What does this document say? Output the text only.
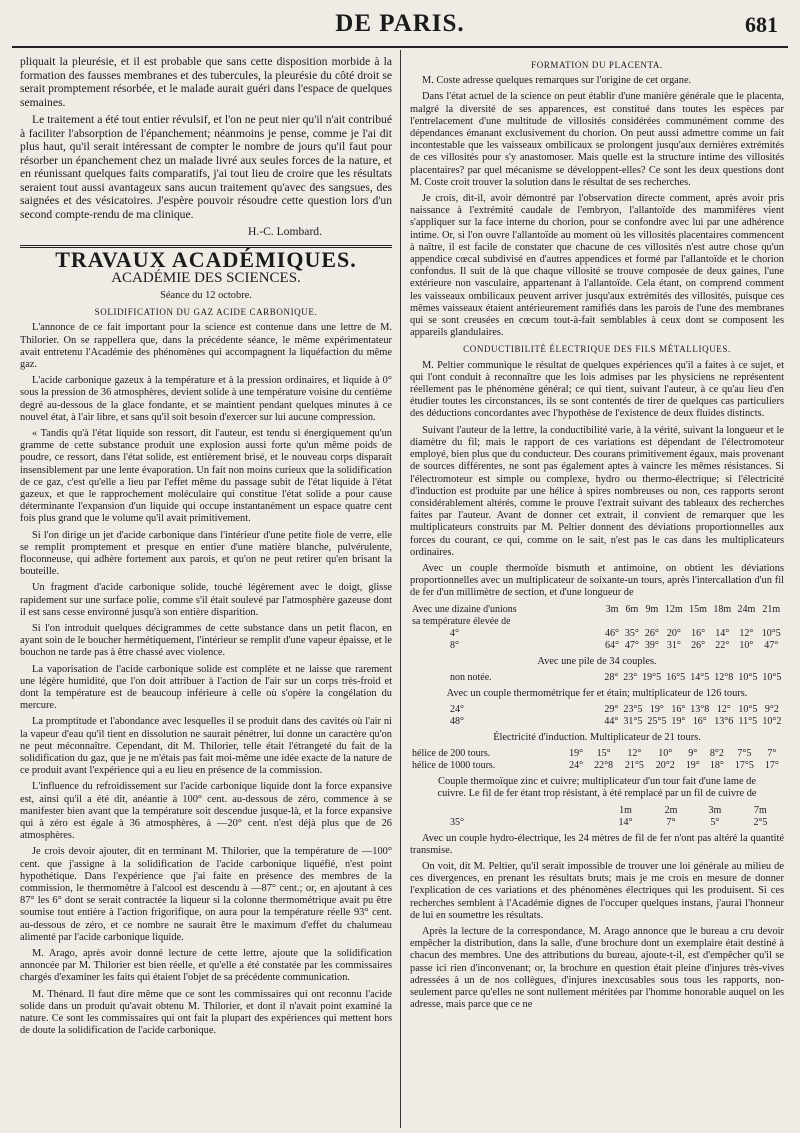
DE PARIS.	681

pliquait la pleurésie, et il est probable que sans cette disposition morbide à la formation des fausses membranes et des tubercules, la pleurésie du côté droit se serait promptement résorbée, et le malade aurait guéri dans l'espace de quelques semaines.

Le traitement a été tout entier révulsif, et l'on ne peut nier qu'il n'ait contribué à faciliter l'absorption de l'épanchement; néanmoins je pense, comme je l'ai dit plus haut, qu'il serait intéressant de compter le nombre de jours qu'il faut pour résorber un épanchement chez un malade livré aux seules forces de la nature, et en réunissant quelques faits comparatifs, j'ai tout lieu de croire que les résultats seraient tout aussi avantageux sans aucun traitement qu'avec des sangsues, des saignées et des vésicatoires. J'espère pouvoir résoudre cette question lors d'un second compte-rendu de ma clinique.

H.-C. Lombard.

TRAVAUX ACADÉMIQUES.
ACADÉMIE DES SCIENCES.

Séance du 12 octobre.

SOLIDIFICATION DU GAZ ACIDE CARBONIQUE.

L'annonce de ce fait important pour la science est contenue dans une lettre de M. Thilorier. On se rappellera que, dans la précédente séance, le même expérimentateur avait entretenu l'Académie des phénomènes qui accompagnent la liquéfaction du même gaz.

L'acide carbonique gazeux à la température et à la pression ordinaires, et liquide à 0° sous la pression de 36 atmosphères, devient solide à une température voisine du centième degré au-dessous de la glace fondante, et se maintient pendant quelques minutes à ce nouvel état, à l'air libre, et sans qu'il soit besoin d'exercer sur lui aucune compression.

« Tandis qu'à l'état liquide son ressort, dit l'auteur, est tendu si énergiquement qu'un gramme de cette substance produit une explosion aussi forte qu'un même poids de poudre, ce ressort, dans l'état solide, est entièrement brisé, et le nouveau corps disparaît insensiblement par une lente évaporation. Un fait non moins curieux que la solidification de ce gaz, c'est qu'elle a lieu par l'effet même du passage subit de l'état liquide à l'état gazeux, et que le rapprochement moléculaire qui constitue l'état solide a pour cause déterminante l'expansion d'un liquide qui occupe instantanément un espace quatre cent fois plus grand que le volume qu'il avait primitivement.

Si l'on dirige un jet d'acide carbonique dans l'intérieur d'une petite fiole de verre, elle se remplit promptement et presque en entier d'une matière blanche, pulvérulente, floconneuse, qui adhère fortement aux parois, et qu'on ne peut retirer qu'en brisant la bouteille.

Un fragment d'acide carbonique solide, touché légèrement avec le doigt, glisse rapidement sur une surface polie, comme s'il était soulevé par l'atmosphère gazeuse dont il est sans cesse environné jusqu'à son entière disparition.

Si l'on introduit quelques décigrammes de cette substance dans un petit flacon, en ayant soin de le boucher hermétiquement, l'intérieur se remplit d'une vapeur épaisse, et le bouchon ne tarde pas à être chassé avec violence.

La vaporisation de l'acide carbonique solide est complète et ne laisse que rarement une légère humidité, que l'on doit attribuer à l'action de l'air sur un corps très-froid et dont la température est de beaucoup inférieure à celle où s'opère la congélation du mercure.

La promptitude et l'abondance avec lesquelles il se produit dans des cavités où l'air ni la vapeur d'eau qu'il tient en dissolution ne saurait pénétrer, lui donne un caractère qu'on ne peut méconnaître. Cependant, dit M. Thilorier, telle était l'étrangeté du fait de la solidification du gaz, que je ne m'étais pas fait moi-même une idée exacte de la nature de ce produit avant l'expérience qui a eu lieu en présence de la commission.

L'influence du refroidissement sur l'acide carbonique liquide dont la force expansive est, ainsi qu'il a été dit, anéantie à 100° cent. au-dessous de zéro, commence à se manifester bien avant que la température soit descendue jusque-là, et la force expansive qui à zéro est égale à 36 atmosphères, à —20° cent. n'est déjà plus que de 26 atmosphères.

Je crois devoir ajouter, dit en terminant M. Thilorier, que la température de —100° cent. que j'assigne à la solidification de l'acide carbonique liquéfié, n'est point hypothétique. Dans l'expérience que j'ai faite en présence des membres de la commission, le thermomètre à l'alcool est descendu à —87° cent.; or, en ajoutant à ces 87° les 6° dont se serait contractée la liqueur si la colonne thermométrique avait pu être soumise tout entière à l'action frigorifique, on aura pour la température réelle 93° cent. au-dessous de zéro, et ce nombre ne saurait être le maximum d'effet du chalumeau alimenté par l'acide carbonique liquide.

M. Arago, après avoir donné lecture de cette lettre, ajoute que la solidification annoncée par M. Thilorier est bien réelle, et qu'elle a été constatée par les commissaires chargés d'examiner les faits qui étaient l'objet de sa précédente communication.

M. Thénard. Il faut dire même que ce sont les commissaires qui ont reconnu l'acide solide dans un produit qu'avait obtenu M. Thilorier, et dont il n'avait point examiné la nature. Ce sont les commissaires qui ont fait la plupart des expériences qui mettent hors de doute la solidification de l'acide carbonique.

FORMATION DU PLACENTA.

M. Coste adresse quelques remarques sur l'origine de cet organe.

Dans l'état actuel de la science on peut établir d'une manière générale que le placenta, malgré la diversité de ses apparences, est constitué dans toutes les espèces par l'entrelacement d'une multitude de villosités considérées communément comme des dépendances émanant exclusivement du chorion. On peut aussi admettre comme un fait incontestable que les vaisseaux ombilicaux se prolongent jusqu'aux dernières extrémités de ces villosités pour s'y anastomoser. Mais quelle est la structure intime des villosités placentaires? par quel mécanisme se développent-elles? Ce sont les deux questions dont M. Coste croit trouver la solution dans le résultat de ses recherches.

Je crois, dit-il, avoir démontré par l'observation directe comment, après avoir pris naissance à l'extrémité caudale de l'embryon, l'allantoïde des mammifères vient s'appliquer sur la face interne du chorion, pour se confondre avec lui par une adhérence intime. Or, si l'on ouvre l'allantoïde au moment où les villosités placentaires commencent à naître, il est facile de constater que chacune de ces villosités n'est autre chose qu'un appendice cœcal subdivisé en d'autres appendices et formé par l'allantoïde et le chorion confondus. Il suit de là que chaque villosité se trouve composée de deux gaines, l'une extérieure non vasculaire, appartenant à l'allantoïde. Cela étant, on comprend comment les vaisseaux ombilicaux peuvent arriver jusqu'aux extrémités des villosités, puisque ces mêmes vaisseaux étaient antérieurement ramifiés dans les parois de l'une des membranes qui se sont creusées en cœcum tout-à-fait semblables à ceux dont se composent les appareils glandulaires.

CONDUCTIBILITÉ ÉLECTRIQUE DES FILS MÉTALLIQUES.

M. Peltier communique le résultat de quelques expériences qu'il a faites à ce sujet, et qui l'ont conduit à reconnaître que les lois admises par les physiciens ne représentent réellement pas le phénomène général; ce qui tient, suivant l'auteur, à ce qu'au lieu d'en étudier toutes les circonstances, ils se sont contentés de tirer de quelques cas particuliers des déductions concordantes avec l'hypothèse de l'existence de deux fluides distincts.

Suivant l'auteur de la lettre, la conductibilité varie, à la vérité, suivant la longueur et le diamètre du fil; mais le rapport de ces variations est dépendant de l'électromoteur employé, bien plus que du conducteur. Des courans primitivement égaux, mais provenant de sources différentes, ne sont pas également aptes à vaincre les mêmes résistances. Si l'électromoteur est simple ou complexe, hydro ou thermo-électrique; si l'électricité d'induction est produite par une hélice à spires nombreuses ou non, ces rapports seront considérablement altérés, comme le prouve l'extrait suivant des tableaux des recherches faites par l'auteur. Avant de donner cet extrait, il convient de remarquer que les multiplicateurs construits par M. Peltier donnent des déviations proportionnelles aux forces du courant, ce qui, comme on le sait, n'est pas le cas dans les multiplicateurs ordinaires.

Avec un couple thermoïde bismuth et antimoine, on obtient les déviations proportionnelles avec un multiplicateur de soixante-un tours, après l'intercallation d'un fil de fer d'un millimètre de section, et d'une longueur de

Avec une dizaine d'unions	3m	6m	9m	12m	15m	18m	24m	21m
sa température élevée de								
4°	46°	35°	26°	20°	16°	14°	12°	10°5
8°	64°	47°	39°	31°	26°	22°	10°	47°

Avec une pile de 34 couples.

non notée.	28°	23°	19°5	16°5	14°5	12°8	10°5	10°5

Avec un couple thermométrique fer et étain; multiplicateur de 126 tours.

24°	29°	23°5	19°	16°	13°8	12°	10°5	9°2
48°	44°	31°5	25°5	19°	16°	13°6	11°5	10°2

Électricité d'induction. Multiplicateur de 21 tours.

hélice de 200 tours.	19°	15°	12°	10°	9°	8°2	7°5	7°
hélice de 1000 tours.	24°	22°8	21°5	20°2	19°	18°	17°5	17°

Couple thermoïque zinc et cuivre; multiplicateur d'un tour fait d'une lame de cuivre. Le fil de fer étant trop résistant, à été remplacé par un fil de cuivre de

	1m	2m	3m	7m
35°	14°	7°	5°	2°5

Avec un couple hydro-électrique, les 24 mètres de fil de fer n'ont pas altéré la quantité transmise.

On voit, dit M. Peltier, qu'il serait impossible de trouver une loi générale au milieu de ces divergences, en prenant les résultats bruts; mais je me crois en mesure de donner l'explication de ces variations et des phénomènes électriques qui les produisent. Si ces recherches semblent à l'Académie dignes de l'occuper quelques instans, j'aurai l'honneur de lui en soumettre les résultats.

Après la lecture de la correspondance, M. Arago annonce que le bureau a cru devoir empêcher la distribution, dans la salle, d'une brochure dont un exemplaire était destiné à chacun des membres. Une des attributions du bureau, ajoute-t-il, est d'empêcher qu'il se passe ici rien d'inconvenant; or, la brochure en question était pleine d'injures très-vives adressées à un de nos collègues, d'injures inexcusables sous tous les rapports, non-seulement parce qu'elles ne sont nullement méritées par l'homme honorable auquel on les adresse, mais parce que ce ne
